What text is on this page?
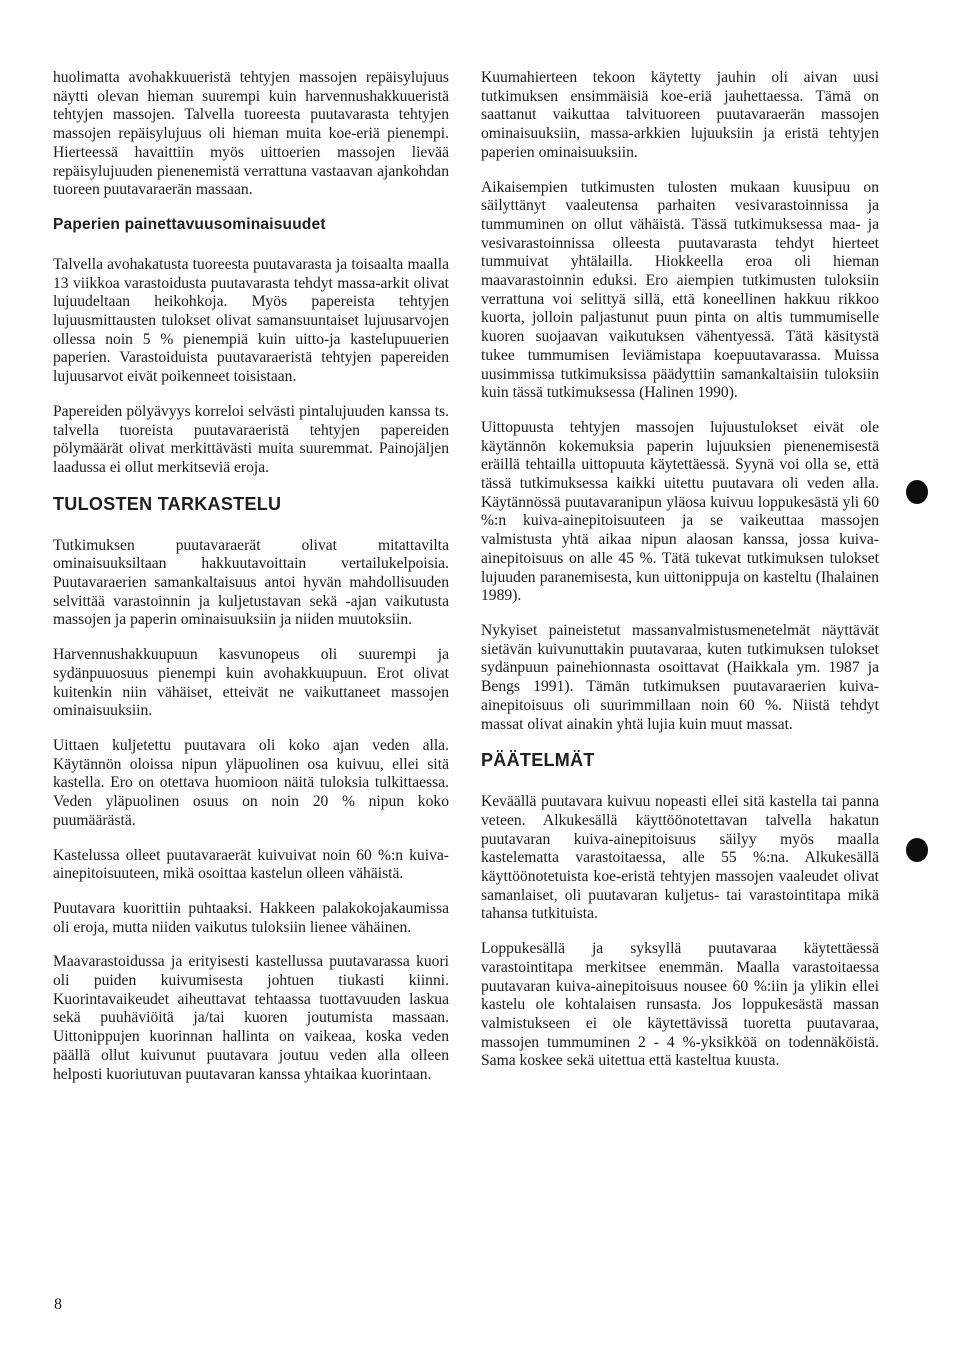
huolimatta avohakkuueristä tehtyjen massojen repäisylujuus näytti olevan hieman suurempi kuin harvennushakkuueristä tehtyjen massojen. Talvella tuoreesta puutavarasta tehtyjen massojen repäisylujuus oli hieman muita koe-eriä pienempi. Hierteessä havaittiin myös uittoerien massojen lievää repäisylujuuden pienenemistä verrattuna vastaavan ajankohdan tuoreen puutavaraerän massaan.

Paperien painettavuusominaisuudet

Talvella avohakatusta tuoreesta puutavarasta ja toisaalta maalla 13 viikkoa varastoidusta puutavarasta tehdyt massa-arkit olivat lujuudeltaan heikohkoja. Myös papereista tehtyjen lujuusmittausten tulokset olivat samansuuntaiset lujuusarvojen ollessa noin 5 % pienempiä kuin uitto-ja kastelupuuerien paperien. Varastoiduista puutavaraeristä tehtyjen papereiden lujuusarvot eivät poikenneet toisistaan.

Papereiden pölyävyys korreloi selvästi pintalujuuden kanssa ts. talvella tuoreista puutavaraeristä tehtyjen papereiden pölymäärät olivat merkittävästi muita suuremmat. Painojäljen laadussa ei ollut merkitseviä eroja.

TULOSTEN TARKASTELU

Tutkimuksen puutavaraerät olivat mitattavilta ominaisuuksiltaan hakkuutavoittain vertailukelpoisia. Puutavaraerien samankaltaisuus antoi hyvän mahdollisuuden selvittää varastoinnin ja kuljetustavan sekä -ajan vaikutusta massojen ja paperin ominaisuuksiin ja niiden muutoksiin.

Harvennushakkuupuun kasvunopeus oli suurempi ja sydänpuuosuus pienempi kuin avohakkuupuun. Erot olivat kuitenkin niin vähäiset, etteivät ne vaikuttaneet massojen ominaisuuksiin.

Uittaen kuljetettu puutavara oli koko ajan veden alla. Käytännön oloissa nipun yläpuolinen osa kuivuu, ellei sitä kastella. Ero on otettava huomioon näitä tuloksia tulkittaessa. Veden yläpuolinen osuus on noin 20 % nipun koko puumäärästä.

Kastelussa olleet puutavaraerät kuivuivat noin 60 %:n kuiva-ainepitoisuuteen, mikä osoittaa kastelun olleen vähäistä.

Puutavara kuorittiin puhtaaksi. Hakkeen palakokojakaumissa oli eroja, mutta niiden vaikutus tuloksiin lienee vähäinen.

Maavarastoidussa ja erityisesti kastellussa puutavarassa kuori oli puiden kuivumisesta johtuen tiukasti kiinni. Kuorintavaikeudet aiheuttavat tehtaassa tuottavuuden laskua sekä puuhäviöitä ja/tai kuoren joutumista massaan. Uittonippujen kuorinnan hallinta on vaikeaa, koska veden päällä ollut kuivunut puutavara joutuu veden alla olleen helposti kuoriutuvan puutavaran kanssa yhtaikaa kuorintaan.

Kuumahierteen tekoon käytetty jauhin oli aivan uusi tutkimuksen ensimmäisiä koe-eriä jauhettaessa. Tämä on saattanut vaikuttaa talvituoreen puutavaraerän massojen ominaisuuksiin, massa-arkkien lujuuksiin ja eristä tehtyjen paperien ominaisuuksiin.

Aikaisempien tutkimusten tulosten mukaan kuusipuu on säilyttänyt vaaleutensa parhaiten vesivarastoinnissa ja tummuminen on ollut vähäistä. Tässä tutkimuksessa maa- ja vesivarastoinnissa olleesta puutavarasta tehdyt hierteet tummuivat yhtälailla. Hiokkeella eroa oli hieman maavarastoinnin eduksi. Ero aiempien tutkimusten tuloksiin verrattuna voi selittyä sillä, että koneellinen hakkuu rikkoo kuorta, jolloin paljastunut puun pinta on altis tummumiselle kuoren suojaavan vaikutuksen vähentyessä. Tätä käsitystä tukee tummumisen leviämistapa koepuutavarassa. Muissa uusimmissa tutkimuksissa päädyttiin samankaltaisiin tuloksiin kuin tässä tutkimuksessa (Halinen 1990).

Uittopuusta tehtyjen massojen lujuustulokset eivät ole käytännön kokemuksia paperin lujuuksien pienenemisestä eräillä tehtailla uittopuuta käytettäessä. Syynä voi olla se, että tässä tutkimuksessa kaikki uitettu puutavara oli veden alla. Käytännössä puutavaranipun yläosa kuivuu loppukesästä yli 60 %:n kuiva-ainepitoisuuteen ja se vaikeuttaa massojen valmistusta yhtä aikaa nipun alaosan kanssa, jossa kuiva-ainepitoisuus on alle 45 %. Tätä tukevat tutkimuksen tulokset lujuuden paranemisesta, kun uittonippuja on kasteltu (Ihalainen 1989).

Nykyiset paineistetut massanvalmistusmenetelmät näyttävät sietävän kuivunuttakin puutavaraa, kuten tutkimuksen tulokset sydänpuun painehionnasta osoittavat (Haikkala ym. 1987 ja Bengs 1991). Tämän tutkimuksen puutavaraerien kuiva-ainepitoisuus oli suurimmillaan noin 60 %. Niistä tehdyt massat olivat ainakin yhtä lujia kuin muut massat.

PÄÄTELMÄT

Keväällä puutavara kuivuu nopeasti ellei sitä kastella tai panna veteen. Alkukesällä käyttöönotettavan talvella hakatun puutavaran kuiva-ainepitoisuus säilyy myös maalla kastelematta varastoitaessa, alle 55 %:na. Alkukesällä käyttöönotetuista koe-eristä tehtyjen massojen vaaleudet olivat samanlaiset, oli puutavaran kuljetus- tai varastointitapa mikä tahansa tutkituista.

Loppukesällä ja syksyllä puutavaraa käytettäessä varastointitapa merkitsee enemmän. Maalla varastoitaessa puutavaran kuiva-ainepitoisuus nousee 60 %:iin ja ylikin ellei kastelu ole kohtalaisen runsasta. Jos loppukesästä massan valmistukseen ei ole käytettävissä tuoretta puutavaraa, massojen tummuminen 2 - 4 %-yksikköä on todennäköistä. Sama koskee sekä uitettua että kasteltua kuusta.

8
